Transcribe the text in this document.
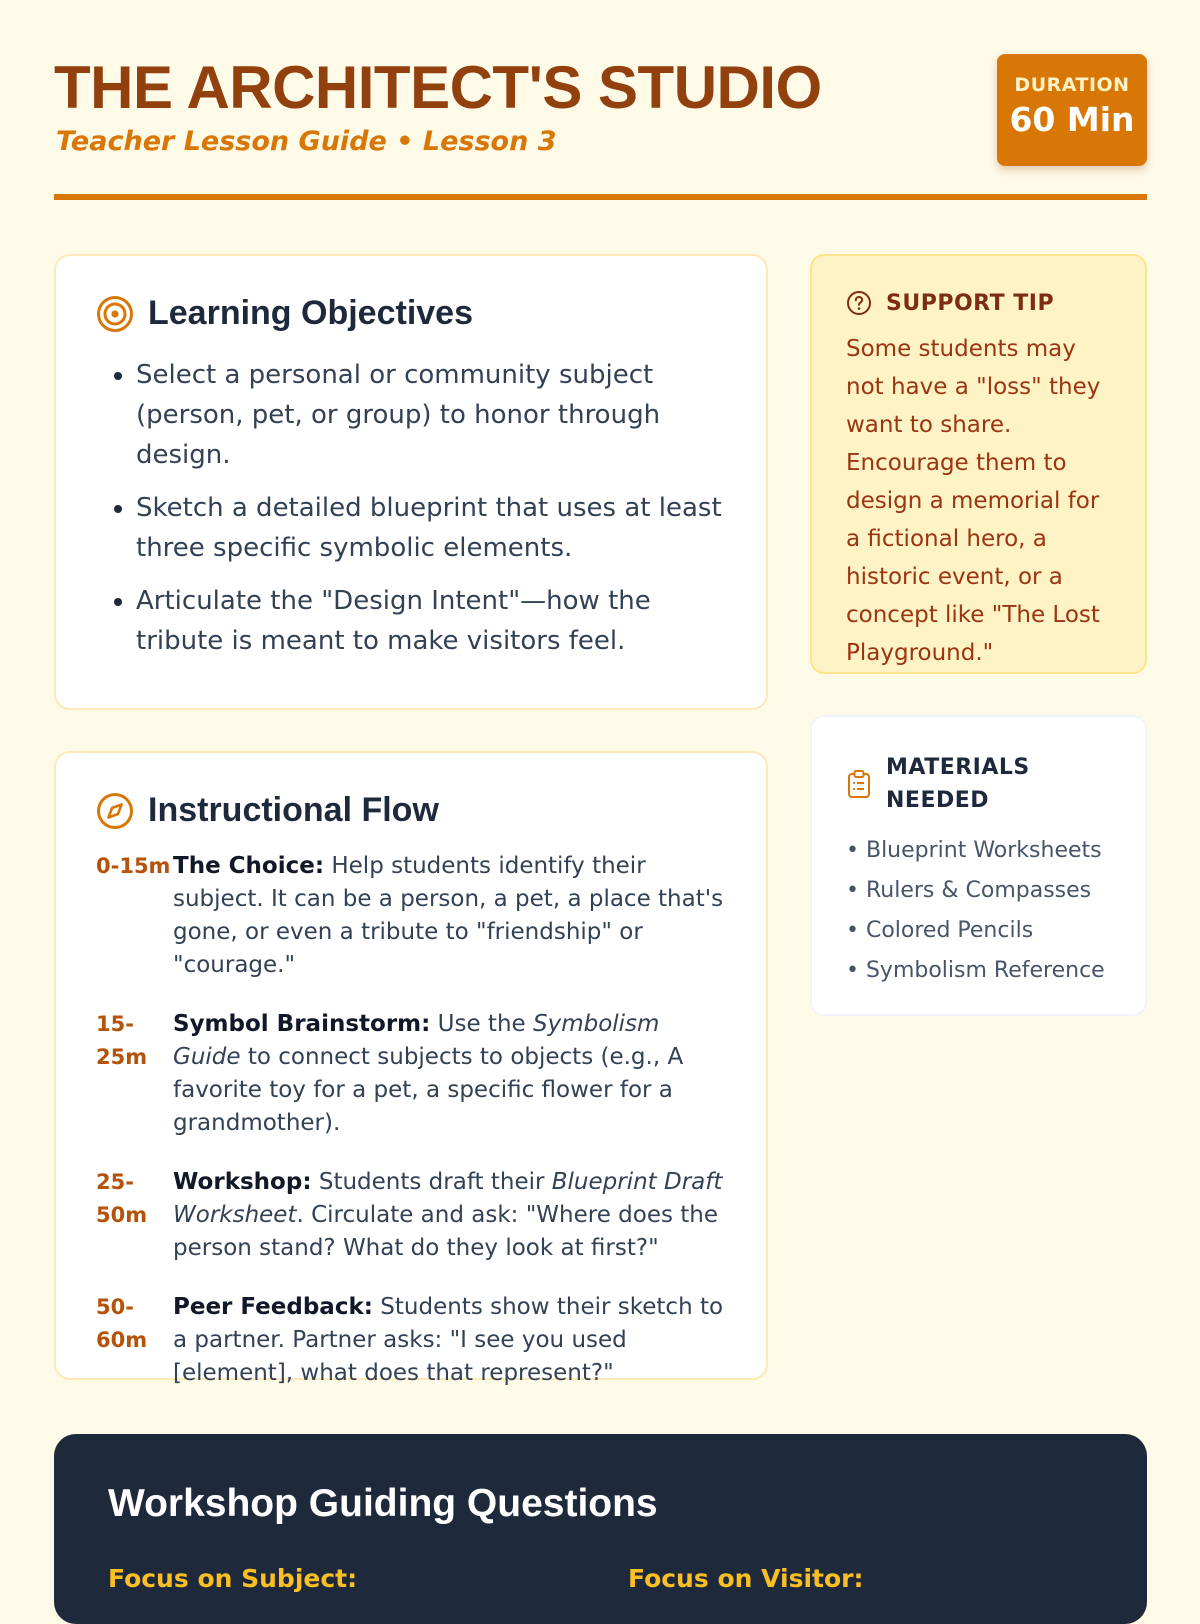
THE ARCHITECT'S STUDIO
Teacher Lesson Guide • Lesson 3
DURATION
60 Min
Learning Objectives
• Select a personal or community subject (person, pet, or group) to honor through design.
• Sketch a detailed blueprint that uses at least three specific symbolic elements.
• Articulate the "Design Intent"—how the tribute is meant to make visitors feel.
Instructional Flow
0-15m The Choice: Help students identify their subject. It can be a person, a pet, a place that's gone, or even a tribute to "friendship" or "courage."
15-25m
Symbol Brainstorm: Use the Symbolism Guide to connect subjects to objects (e.g., A favorite toy for a pet, a specific flower for a grandmother).
25-50m
Workshop: Students draft their Blueprint Draft Worksheet. Circulate and ask: "Where does the person stand? What do they look at first?"
50-60m
Peer Feedback: Students show their sketch to a partner. Partner asks: "I see you used [element], what does that represent?"
SUPPORT TIP
Some students may not have a "loss" they want to share. Encourage them to design a memorial for a fictional hero, a historic event, or a concept like "The Lost Playground."
MATERIALS NEEDED
• Blueprint Worksheets
• Rulers & Compasses
• Colored Pencils
• Symbolism Reference
Workshop Guiding Questions
Focus on Subject:	Focus on Visitor:
